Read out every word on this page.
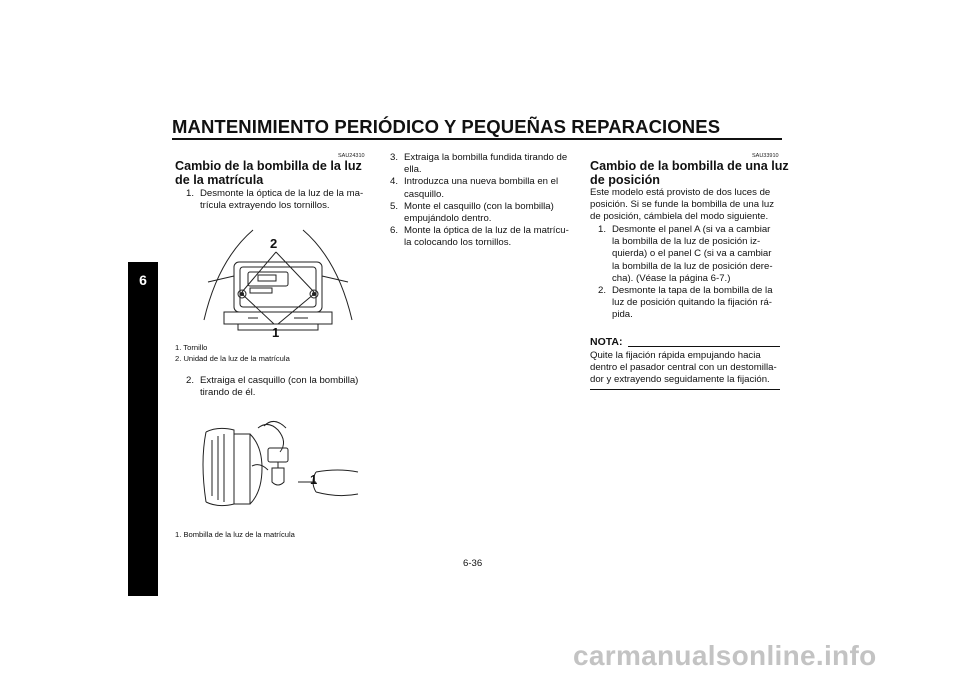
MANTENIMIENTO PERIÓDICO Y PEQUEÑAS REPARACIONES
6
SAU24310
Cambio de la bombilla de la luz
de la matrícula
1. Desmonte la óptica de la luz de la ma-
trícula extrayendo los tornillos.
2
1
1. Tornillo
2. Unidad de la luz de la matrícula
2. Extraiga el casquillo (con la bombilla)
tirando de él.
1
1. Bombilla de la luz de la matrícula
3. Extraiga la bombilla fundida tirando de
ella.
4. Introduzca una nueva bombilla en el
casquillo.
5. Monte el casquillo (con la bombilla)
empujándolo dentro.
6. Monte la óptica de la luz de la matrícu-
la colocando los tornillos.
SAU33910
Cambio de la bombilla de una luz
de posición
Este modelo está provisto de dos luces de
posición. Si se funde la bombilla de una luz
de posición, cámbiela del modo siguiente.
1. Desmonte el panel A (si va a cambiar
la bombilla de la luz de posición iz-
quierda) o el panel C (si va a cambiar
la bombilla de la luz de posición dere-
cha). (Véase la página 6-7.)
2. Desmonte la tapa de la bombilla de la
luz de posición quitando la fijación rá-
pida.
NOTA:
Quite la fijación rápida empujando hacia
dentro el pasador central con un destomilla-
dor y extrayendo seguidamente la fijación.
6-36
carmanualsonline.info
